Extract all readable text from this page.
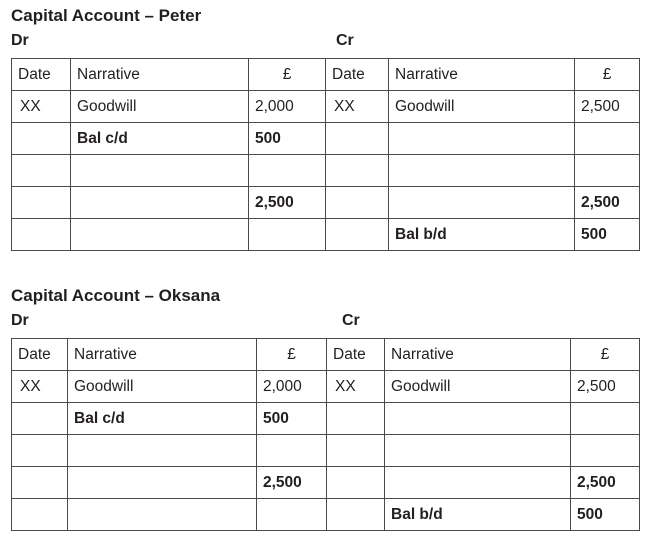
Capital Account – Peter
Dr	Cr
Date	Narrative	£	Date	Narrative	£
XX	Goodwill	2,000	XX	Goodwill	2,500
	Bal c/d	500			

		2,500			2,500
				Bal b/d	500
Capital Account – Oksana
Dr	Cr
Date	Narrative	£	Date	Narrative	£
XX	Goodwill	2,000	XX	Goodwill	2,500
	Bal c/d	500			

		2,500			2,500
				Bal b/d	500
